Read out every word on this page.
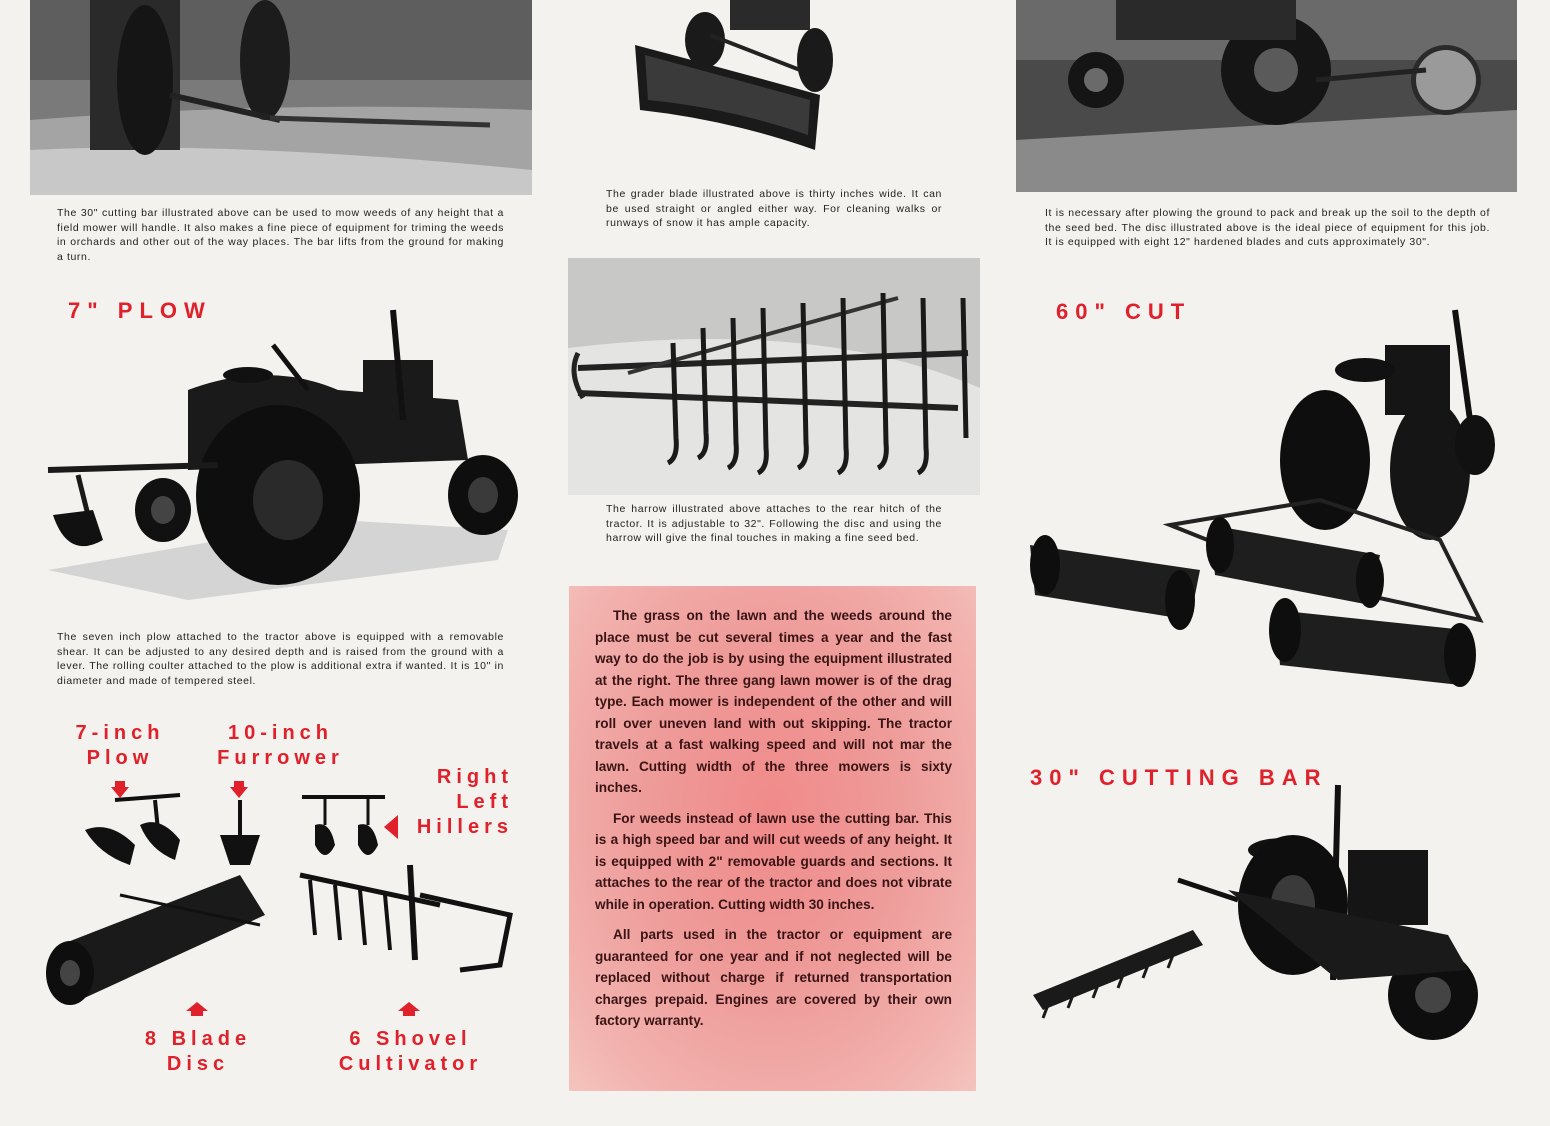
The 30" cutting bar illustrated above can be used to mow weeds of any height that a field mower will handle. It also makes a fine piece of equipment for triming the weeds in orchards and other out of the way places. The bar lifts from the ground for making a turn.
The grader blade illustrated above is thirty inches wide. It can be used straight or angled either way. For cleaning walks or runways of snow it has ample capacity.
It is necessary after plowing the ground to pack and break up the soil to the depth of the seed bed. The disc illustrated above is the ideal piece of equipment for this job. It is equipped with eight 12" hardened blades and cuts approximately 30".
7" PLOW
The seven inch plow attached to the tractor above is equipped with a removable shear. It can be adjusted to any desired depth and is raised from the ground with a lever. The rolling coulter attached to the plow is additional extra if wanted. It is 10" in diameter and made of tempered steel.
7-inch
Plow
10-inch
Furrower
Right
Left
Hillers
8 Blade
Disc
6 Shovel
Cultivator
The harrow illustrated above attaches to the rear hitch of the tractor. It is adjustable to 32". Following the disc and using the harrow will give the final touches in making a fine seed bed.

The grass on the lawn and the weeds around the place must be cut several times a year and the fast way to do the job is by using the equipment illustrated at the right. The three gang lawn mower is of the drag type. Each mower is independent of the other and will roll over uneven land with out skipping. The tractor travels at a fast walking speed and will not mar the lawn. Cutting width of the three mowers is sixty inches.

For weeds instead of lawn use the cutting bar. This is a high speed bar and will cut weeds of any height. It is equipped with 2" removable guards and sections. It attaches to the rear of the tractor and does not vibrate while in operation. Cutting width 30 inches.

All parts used in the tractor or equipment are guaranteed for one year and if not neglected will be replaced without charge if returned transportation charges prepaid. Engines are covered by their own factory warranty.

60" CUT
30" CUTTING BAR
